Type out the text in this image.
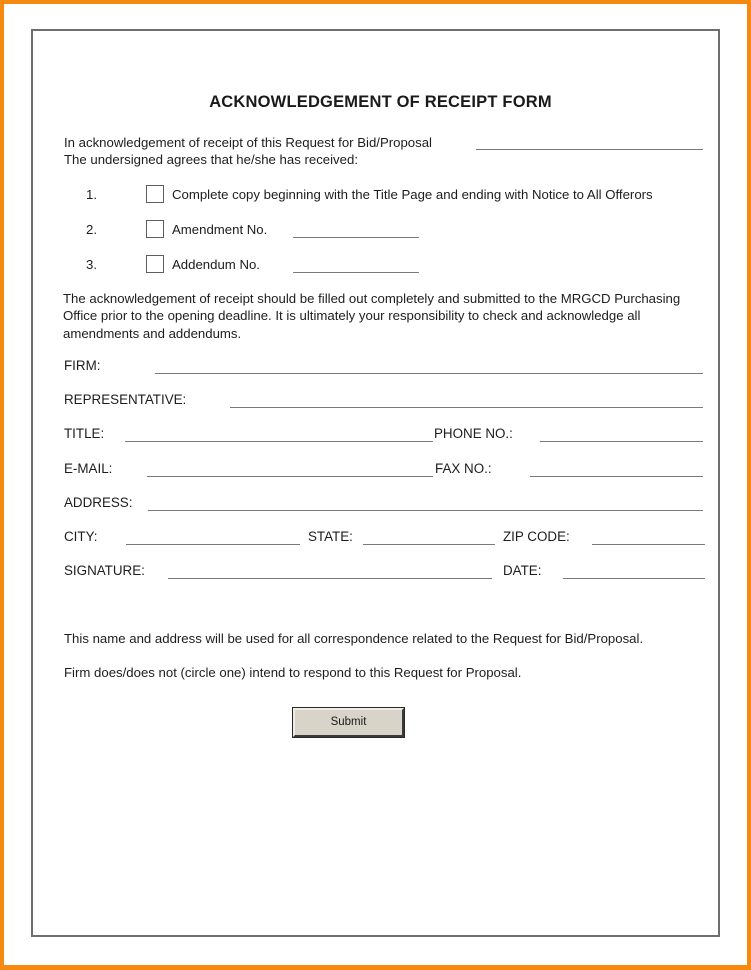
ACKNOWLEDGEMENT OF RECEIPT FORM
In acknowledgement of receipt of this Request for Bid/Proposal
The undersigned agrees that he/she has received:
1.	Complete copy beginning with the Title Page and ending with Notice to All Offerors
2.	Amendment No.
3.	Addendum No.
The acknowledgement of receipt should be filled out completely and submitted to the MRGCD Purchasing Office prior to the opening deadline. It is ultimately your responsibility to check and acknowledge all amendments and addendums.
FIRM:
REPRESENTATIVE:
TITLE:	PHONE NO.:
E-MAIL:	FAX NO.:
ADDRESS:
CITY:	STATE:	ZIP CODE:
SIGNATURE:	DATE:
This name and address will be used for all correspondence related to the Request for Bid/Proposal.
Firm does/does not (circle one) intend to respond to this Request for Proposal.
Submit
